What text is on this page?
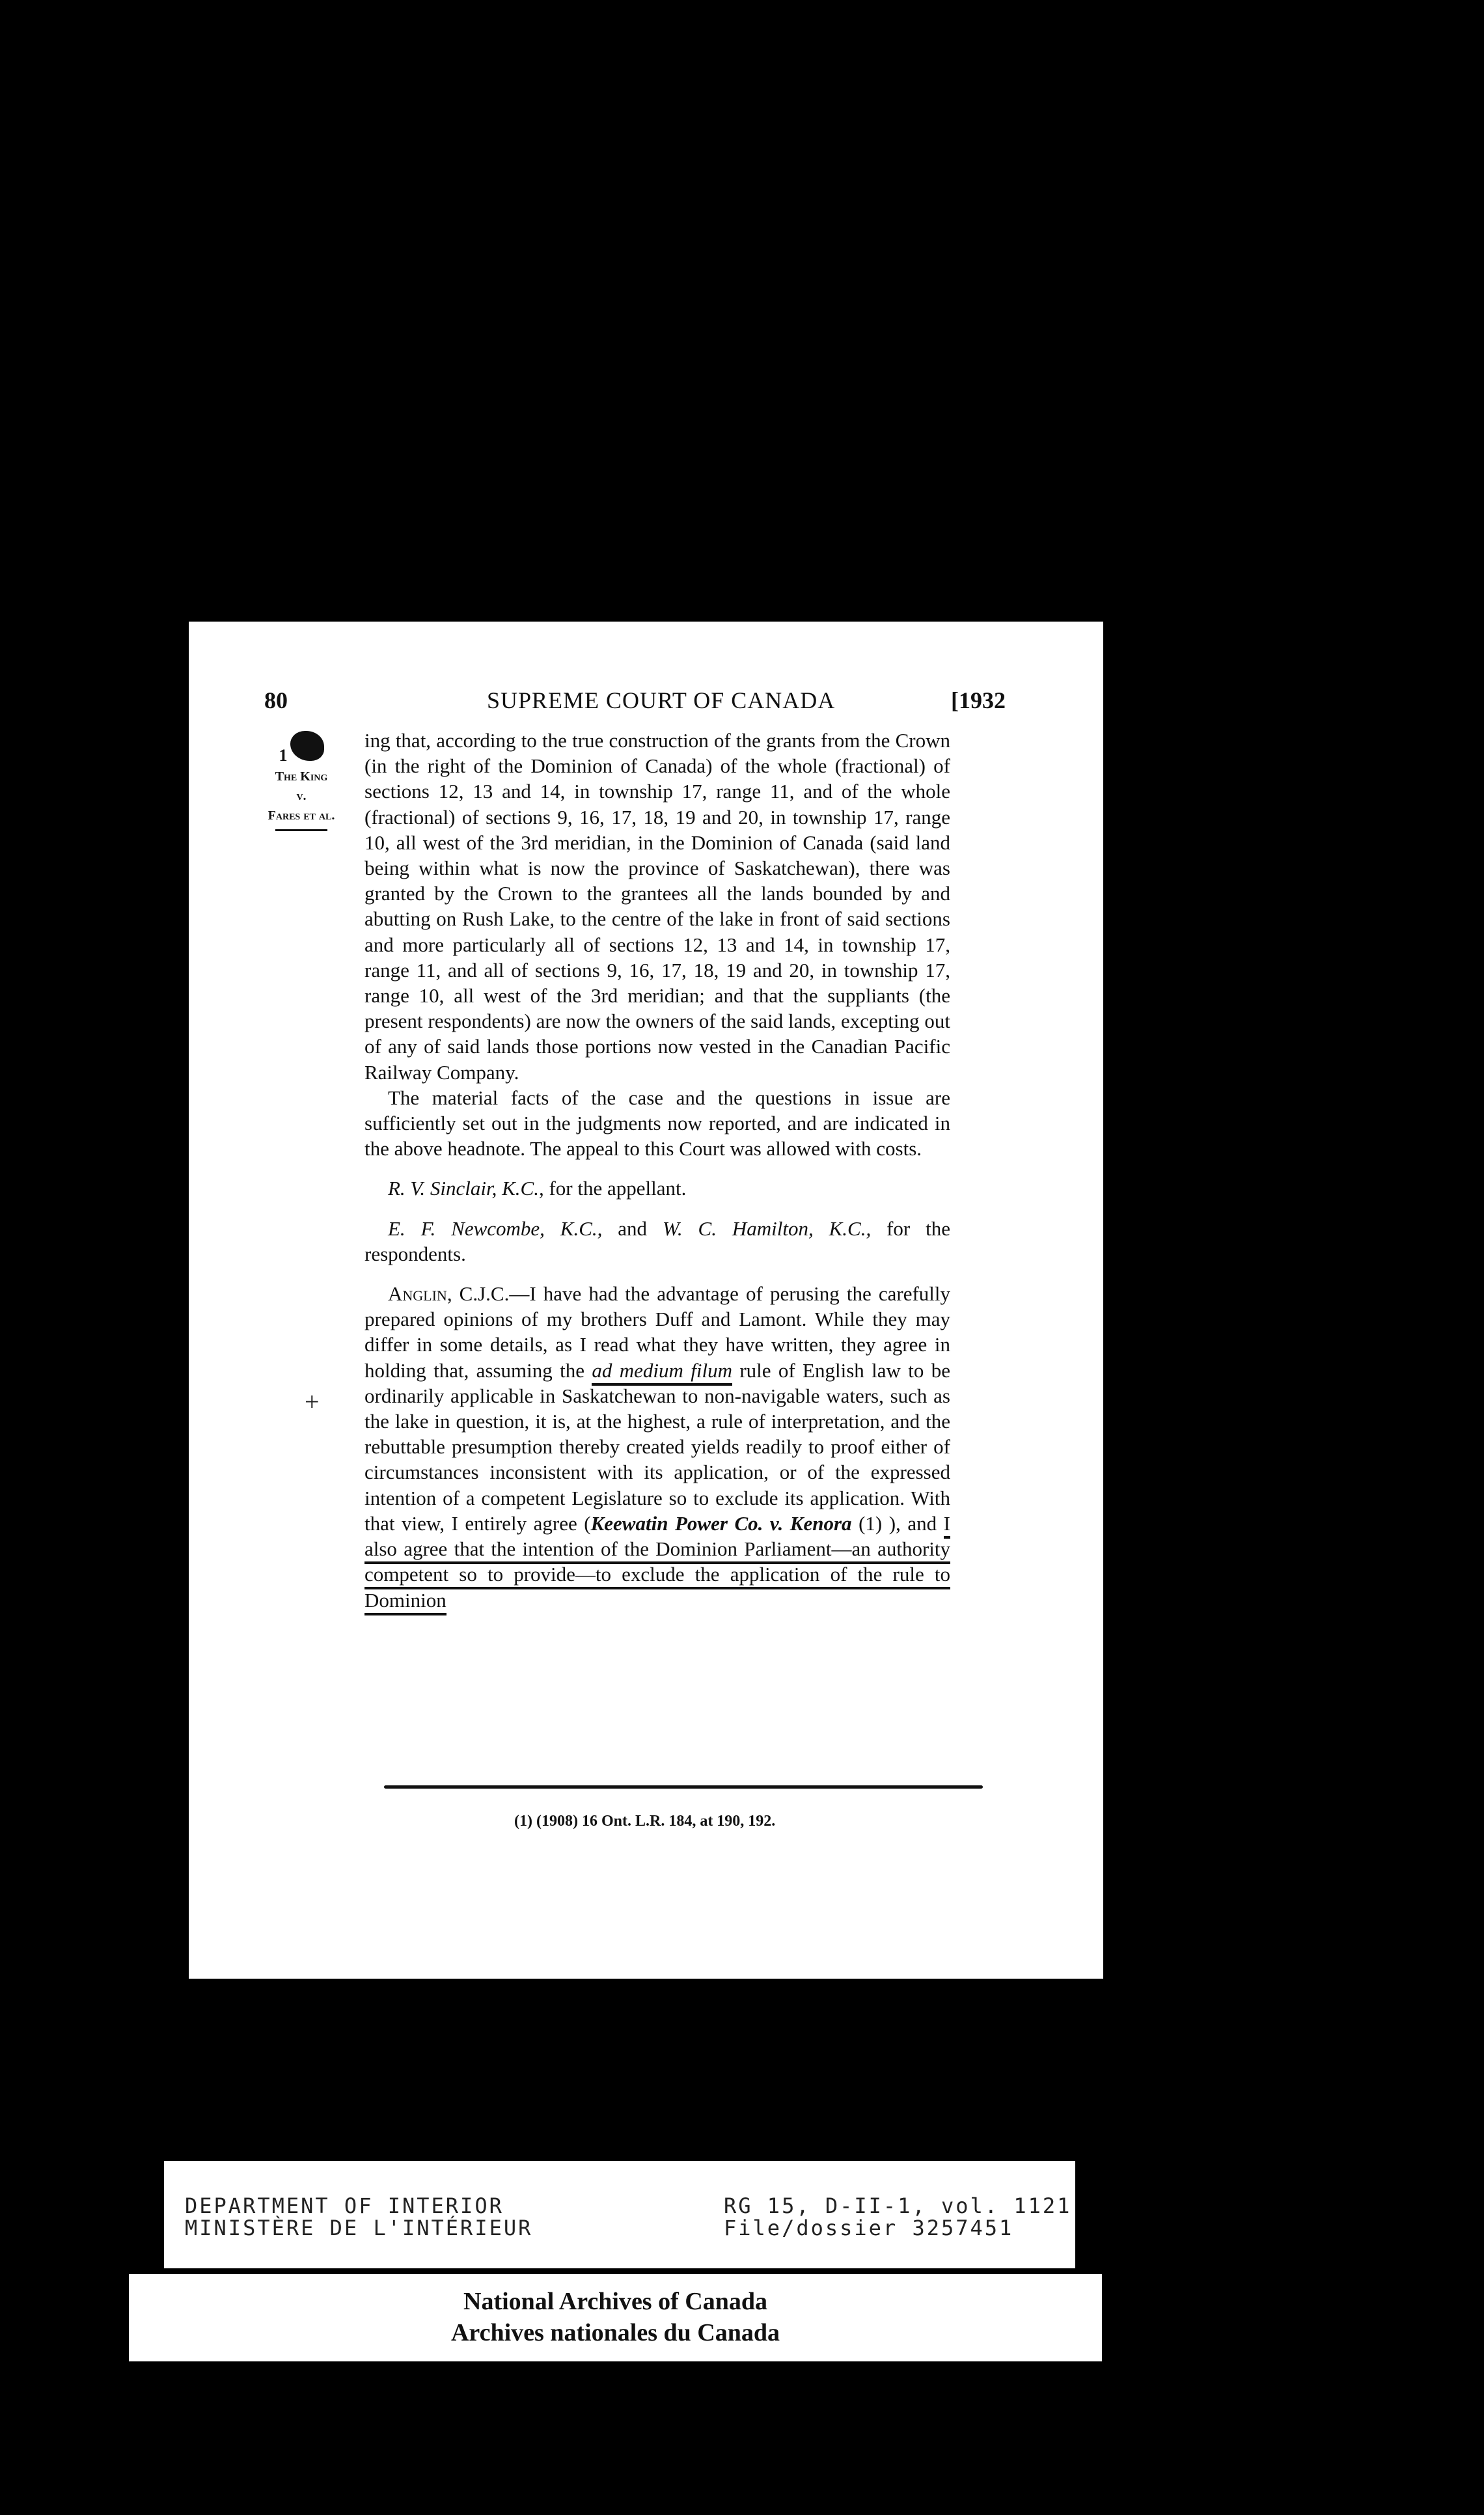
80	SUPREME COURT OF CANADA	[1932
1
The King
v.
Fares et al.

ing that, according to the true construction of the grants from the Crown (in the right of the Dominion of Canada) of the whole (fractional) of sections 12, 13 and 14, in township 17, range 11, and of the whole (fractional) of sections 9, 16, 17, 18, 19 and 20, in township 17, range 10, all west of the 3rd meridian, in the Dominion of Canada (said land being within what is now the province of Saskatchewan), there was granted by the Crown to the grantees all the lands bounded by and abutting on Rush Lake, to the centre of the lake in front of said sections and more particularly all of sections 12, 13 and 14, in township 17, range 11, and all of sections 9, 16, 17, 18, 19 and 20, in township 17, range 10, all west of the 3rd meridian; and that the suppliants (the present respondents) are now the owners of the said lands, excepting out of any of said lands those portions now vested in the Canadian Pacific Railway Company.

The material facts of the case and the questions in issue are sufficiently set out in the judgments now reported, and are indicated in the above headnote. The appeal to this Court was allowed with costs.

R. V. Sinclair, K.C., for the appellant.

E. F. Newcombe, K.C., and W. C. Hamilton, K.C., for the respondents.

Anglin, C.J.C.—I have had the advantage of perusing the carefully prepared opinions of my brothers Duff and Lamont. While they may differ in some details, as I read what they have written, they agree in holding that, assuming the ad medium filum rule of English law to be ordinarily applicable in Saskatchewan to non-navigable waters, such as the lake in question, it is, at the highest, a rule of interpretation, and the rebuttable presumption thereby created yields readily to proof either of circumstances inconsistent with its application, or of the expressed intention of a competent Legislature so to exclude its application. With that view, I entirely agree (Keewatin Power Co. v. Kenora (1) ), and I also agree that the intention of the Dominion Parliament—an authority competent so to provide—to exclude the application of the rule to Dominion

(1) (1908) 16 Ont. L.R. 184, at 190, 192.
+
DEPARTMENT OF INTERIOR
MINISTÈRE DE L'INTÉRIEUR
RG 15, D-II-1, vol. 1121
File/dossier 3257451
National Archives of Canada
Archives nationales du Canada
